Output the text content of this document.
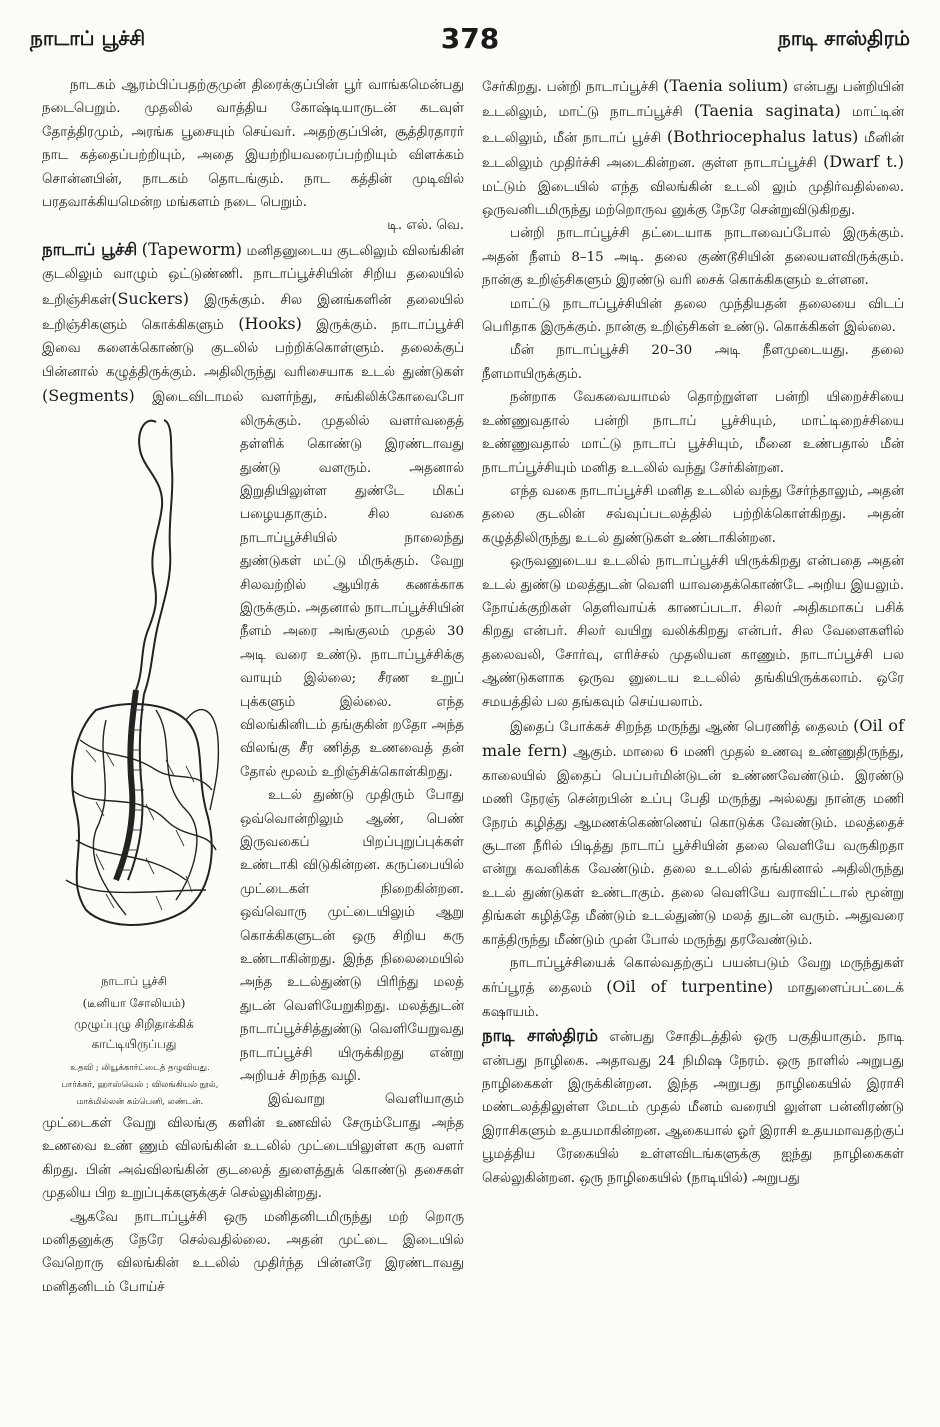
நாடாப் பூச்சி	378	நாடி சாஸ்திரம்

சேர்கிறது. பன்றி நாடாப்பூச்சி (Taenia solium) என்பது பன்றியின் உடலிலும், மாட்டு நாடாப்பூச்சி (Taenia saginata) மாட்டின் உடலிலும், மீன் நாடாப் பூச்சி (Bothriocephalus latus) மீனின் உடலிலும் முதிர்ச்சி அடைகின்றன. குள்ள நாடாப்பூச்சி (Dwarf t.) மட்டும் இடையில் எந்த விலங்கின் உடலி லும் முதிர்வதில்லை. ஒருவனிடமிருந்து மற்றொருவ னுக்கு நேரே சென்றுவிடுகிறது.

பன்றி நாடாப்பூச்சி தட்டையாக நாடாவைப்போல் இருக்கும். அதன் நீளம் 8–15 அடி. தலை குண்டூசியின் தலையளவிருக்கும். நான்கு உறிஞ்சிகளும் இரண்டு வரி சைக் கொக்கிகளும் உள்ளன.

மாட்டு நாடாப்பூச்சியின் தலை முந்தியதன் தலையை விடப் பெரிதாக இருக்கும். நான்கு உறிஞ்சிகள் உண்டு. கொக்கிகள் இல்லை.

மீன் நாடாப்பூச்சி 20–30 அடி நீளமுடையது. தலை நீளமாயிருக்கும்.

நன்றாக வேகவையாமல் தொற்றுள்ள பன்றி யிறைச்சியை உண்ணுவதால் பன்றி நாடாப் பூச்சியும், மாட்டிறைச்சியை உண்ணுவதால் மாட்டு நாடாப் பூச்சியும், மீனை உண்பதால் மீன் நாடாப்பூச்சியும் மனித உடலில் வந்து சேர்கின்றன.

எந்த வகை நாடாப்பூச்சி மனித உடலில் வந்து சேர்ந்தாலும், அதன் தலை குடலின் சவ்வுப்படலத்தில் பற்றிக்கொள்கிறது. அதன் கழுத்திலிருந்து உடல் துண்டுகள் உண்டாகின்றன.

ஒருவனுடைய உடலில் நாடாப்பூச்சி யிருக்கிறது என்பதை அதன் உடல் துண்டு மலத்துடன் வெளி யாவதைக்கொண்டே அறிய இயலும். நோய்க்குறிகள் தெளிவாய்க் காணப்படா. சிலர் அதிகமாகப் பசிக் கிறது என்பர். சிலர் வயிறு வலிக்கிறது என்பர். சில வேளைகளில் தலைவலி, சோர்வு, எரிச்சல் முதலியன காணும். நாடாப்பூச்சி பல ஆண்டுகளாக ஒருவ னுடைய உடலில் தங்கியிருக்கலாம். ஒரே சமயத்தில் பல தங்கவும் செய்யலாம்.

இதைப் போக்கச் சிறந்த மருந்து ஆண் பெரணித் தைலம் (Oil of male fern) ஆகும். மாலை 6 மணி முதல் உணவு உண்ணுதிருந்து, காலையில் இதைப் பெப்பர்மின்டுடன் உண்ணவேண்டும். இரண்டு மணி நேரஞ் சென்றபின் உப்பு பேதி மருந்து அல்லது நான்கு மணி நேரம் கழித்து ஆமணக்கெண்ணெய் கொடுக்க வேண்டும். மலத்தைச் சூடான நீரில் பிடித்து நாடாப் பூச்சியின் தலை வெளியே வருகிறதா என்று கவனிக்க வேண்டும். தலை உடலில் தங்கினால் அதிலிருந்து உடல் துண்டுகள் உண்டாகும். தலை வெளியே வராவிட்டால் மூன்று திங்கள் கழித்தே மீண்டும் உடல்துண்டு மலத் துடன் வரும். அதுவரை காத்திருந்து மீண்டும் முன் போல் மருந்து தரவேண்டும்.

நாடாப்பூச்சியைக் கொல்வதற்குப் பயன்படும் வேறு மருந்துகள் கர்ப்பூரத் தைலம் (Oil of turpentine) மாதுளைப்பட்டைக் கஷாயம்.

நாடி சாஸ்திரம் என்பது சோதிடத்தில் ஒரு பகுதியாகும். நாடி என்பது நாழிகை. அதாவது 24 நிமிஷ நேரம். ஒரு நாளில் அறுபது நாழிகைகள் இருக்கின்றன. இந்த அறுபது நாழிகையில் இராசி மண்டலத்திலுள்ள மேடம் முதல் மீனம் வரையி லுள்ள பன்னிரண்டு இராசிகளும் உதயமாகின்றன. ஆகையால் ஓர் இராசி உதயமாவதற்குப் பூமத்திய ரேகையில் உள்ளவிடங்களுக்கு ஐந்து நாழிகைகள் செல்லுகின்றன. ஒரு நாழிகையில் (நாடியில்) அறுபது

நாடகம் ஆரம்பிப்பதற்குமுன் திரைக்குப்பின் பூர் வாங்கமென்பது நடைபெறும். முதலில் வாத்திய கோஷ்டியாருடன் கடவுள் தோத்திரமும், அரங்க பூசையும் செய்வர். அதற்குப்பின், சூத்திரதாரர் நாட கத்தைப்பற்றியும், அதை இயற்றியவரைப்பற்றியும் விளக்கம் சொன்னபின், நாடகம் தொடங்கும். நாட கத்தின் முடிவில் பரதவாக்கியமென்ற மங்களம் நடை பெறும்.
டி. எல். வெ.

நாடாப் பூச்சி (Tapeworm) மனிதனுடைய குடலிலும் விலங்கின் குடலிலும் வாழும் ஒட்டுண்ணி. நாடாப்பூச்சியின் சிறிய தலையில் உறிஞ்சிகள்(Suckers) இருக்கும். சில இனங்களின் தலையில் உறிஞ்சிகளும் கொக்கிகளும் (Hooks) இருக்கும். நாடாப்பூச்சி இவை களைக்கொண்டு குடலில் பற்றிக்கொள்ளும். தலைக்குப் பின்னால் கழுத்திருக்கும். அதிலிருந்து வரிசையாக உடல் துண்டுகள் (Segments) இடைவிடாமல் வளர்ந்து, சங்கிலிக்கோவைபோ லிருக்கும். முதலில்
நாடாப் பூச்சி
(டீனியா சோலியம்)
முழுப்புழு சிறிதாக்கிக் காட்டியிருப்பது
உதவி ; லியூக்கார்ட்டைத் தழுவியது.
பார்க்கர், ஹாஸ்வெல் ; விலங்கியல் நூல், மாக்மில்லன் கம்பெனி, லண்டன்.
வளர்வதைத் தள்ளிக் கொண்டு இரண்டாவது துண்டு வளரும். அதனால் இறுதியிலுள்ள துண்டே மிகப் பழையதாகும். சில வகை நாடாப்பூச்சியில் நாலைந்து துண்டுகள் மட்டு மிருக்கும். வேறு சிலவற்றில் ஆயிரக் கணக்காக இருக்கும். அதனால் நாடாப்பூச்சியின் நீளம் அரை அங்குலம் முதல் 30 அடி வரை உண்டு. நாடாப்பூச்சிக்கு வாயும் இல்லை; சீரண உறுப் புக்களும் இல்லை. எந்த விலங்கினிடம் தங்குகின் றதோ அந்த விலங்கு சீர ணித்த உணவைத் தன் தோல் மூலம் உறிஞ்சிக்கொள்கிறது.

உடல் துண்டு முதிரும் போது ஒவ்வொன்றிலும் ஆண், பெண் இருவகைப் பிறப்புறுப்புக்கள் உண்டாகி விடுகின்றன. கருப்பையில் முட்டைகள் நிறைகின்றன. ஒவ்வொரு முட்டையிலும் ஆறு கொக்கிகளுடன் ஒரு சிறிய கரு உண்டாகின்றது. இந்த நிலைமையில் அந்த உடல்துண்டு பிரிந்து மலத் துடன் வெளியேறுகிறது. மலத்துடன் நாடாப்பூச்சித்துண்டு வெளியேறுவது நாடாப்பூச்சி யிருக்கிறது என்று அறியச் சிறந்த வழி.

இவ்வாறு வெளியாகும் முட்டைகள் வேறு விலங்கு களின் உணவில் சேரும்போது அந்த உணவை உண் ணும் விலங்கின் உடலில் முட்டையிலுள்ள கரு வளர் கிறது. பின் அவ்விலங்கின் குடலைத் துளைத்துக் கொண்டு தசைகள் முதலிய பிற உறுப்புக்களுக்குச் செல்லுகின்றது.

ஆகவே நாடாப்பூச்சி ஒரு மனிதனிடமிருந்து மற் றொரு மனிதனுக்கு நேரே செல்வதில்லை. அதன் முட்டை இடையில் வேறொரு விலங்கின் உடலில் முதிர்ந்த பின்னரே இரண்டாவது மனிதனிடம் போய்ச்
